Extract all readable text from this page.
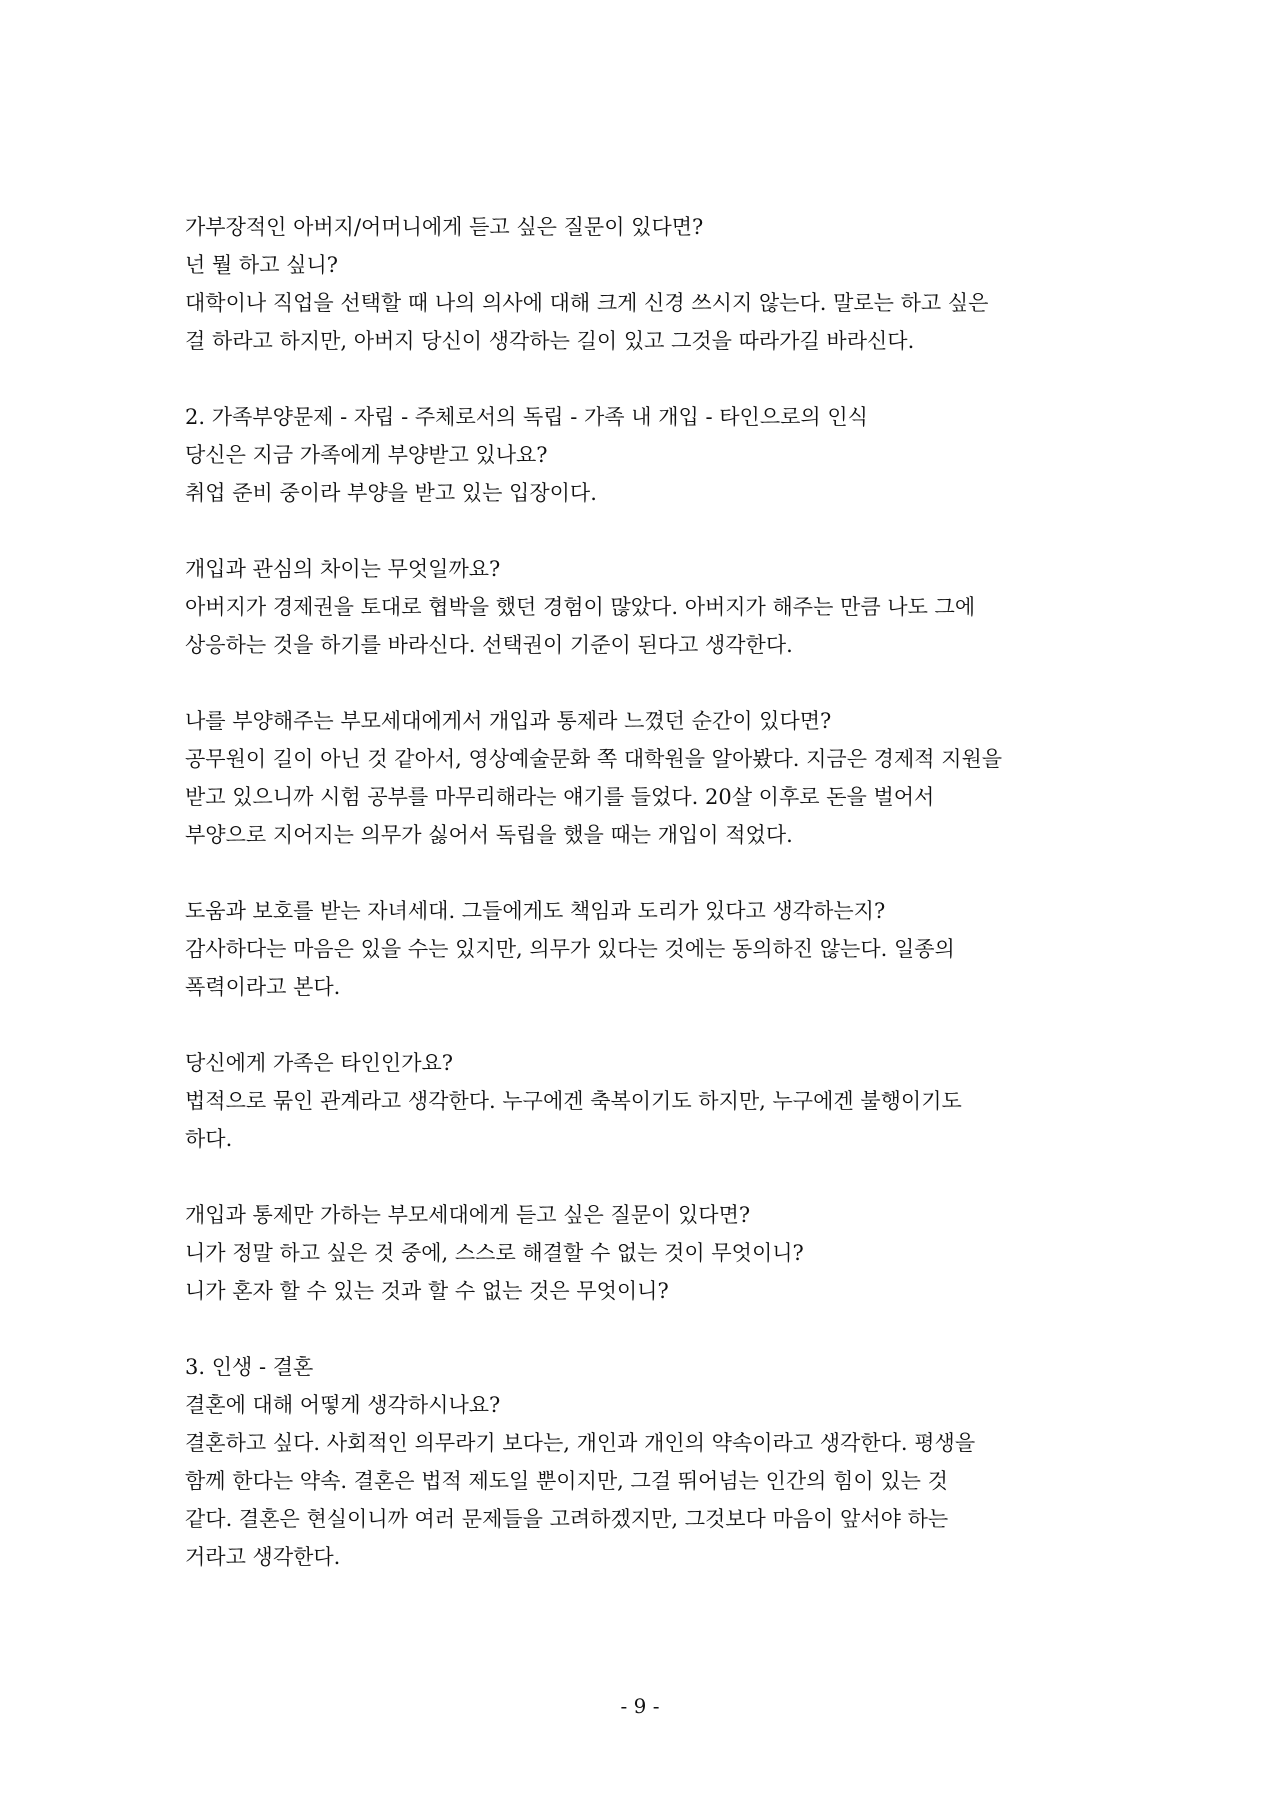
가부장적인 아버지/어머니에게 듣고 싶은 질문이 있다면?
넌 뭘 하고 싶니?
대학이나 직업을 선택할 때 나의 의사에 대해 크게 신경 쓰시지 않는다. 말로는 하고 싶은
걸 하라고 하지만, 아버지 당신이 생각하는 길이 있고 그것을 따라가길 바라신다.
2. 가족부양문제 - 자립 - 주체로서의 독립 - 가족 내 개입 - 타인으로의 인식
당신은 지금 가족에게 부양받고 있나요?
취업 준비 중이라 부양을 받고 있는 입장이다.
개입과 관심의 차이는 무엇일까요?
아버지가 경제권을 토대로 협박을 했던 경험이 많았다. 아버지가 해주는 만큼 나도 그에
상응하는 것을 하기를 바라신다. 선택권이 기준이 된다고 생각한다.
나를 부양해주는 부모세대에게서 개입과 통제라 느꼈던 순간이 있다면?
공무원이 길이 아닌 것 같아서, 영상예술문화 쪽 대학원을 알아봤다. 지금은 경제적 지원을
받고 있으니까 시험 공부를 마무리해라는 얘기를 들었다. 20살 이후로 돈을 벌어서
부양으로 지어지는 의무가 싫어서 독립을 했을 때는 개입이 적었다.
도움과 보호를 받는 자녀세대. 그들에게도 책임과 도리가 있다고 생각하는지?
감사하다는 마음은 있을 수는 있지만, 의무가 있다는 것에는 동의하진 않는다. 일종의
폭력이라고 본다.
당신에게 가족은 타인인가요?
법적으로 묶인 관계라고 생각한다. 누구에겐 축복이기도 하지만, 누구에겐 불행이기도
하다.
개입과 통제만 가하는 부모세대에게 듣고 싶은 질문이 있다면?
니가 정말 하고 싶은 것 중에, 스스로 해결할 수 없는 것이 무엇이니?
니가 혼자 할 수 있는 것과 할 수 없는 것은 무엇이니?
3. 인생 - 결혼
결혼에 대해 어떻게 생각하시나요?
결혼하고 싶다. 사회적인 의무라기 보다는, 개인과 개인의 약속이라고 생각한다. 평생을
함께 한다는 약속. 결혼은 법적 제도일 뿐이지만, 그걸 뛰어넘는 인간의 힘이 있는 것
같다. 결혼은 현실이니까 여러 문제들을 고려하겠지만, 그것보다 마음이 앞서야 하는
거라고 생각한다.
- 9 -
